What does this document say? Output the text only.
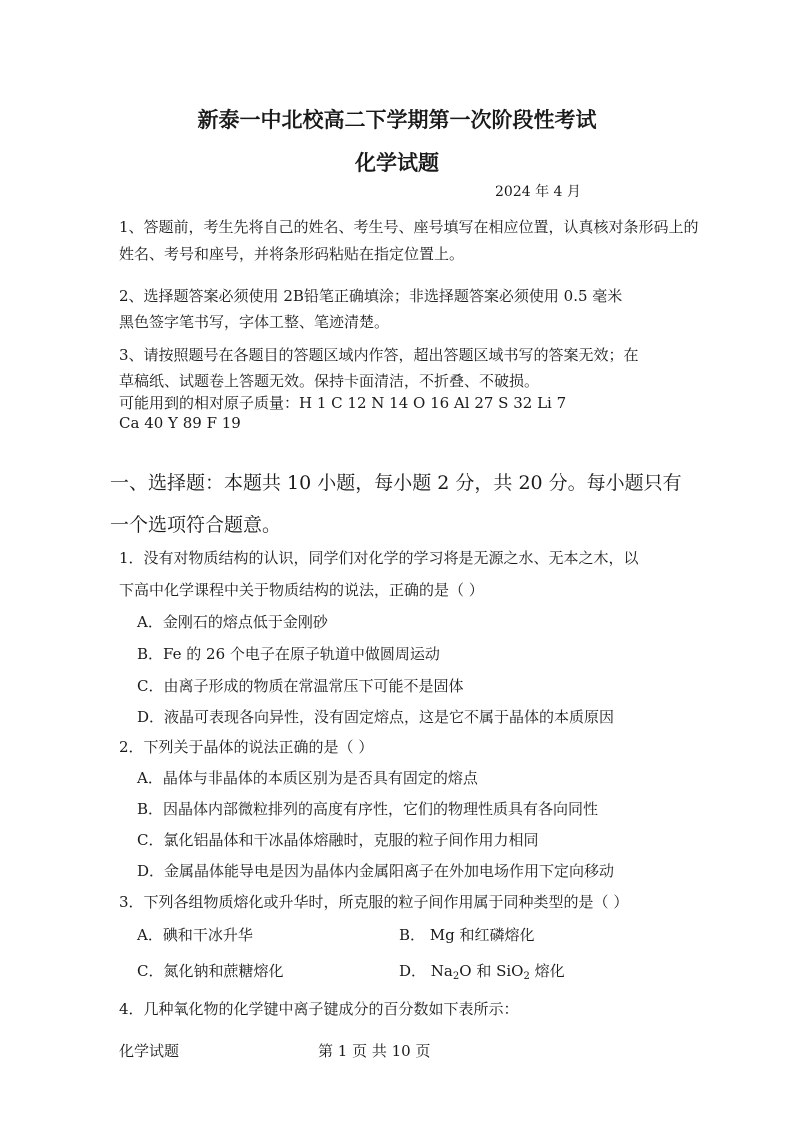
新泰一中北校高二下学期第一次阶段性考试
化学试题
2024 年 4 月
1、答题前，考生先将自己的姓名、考生号、座号填写在相应位置，认真核对条形码上的
姓名、考号和座号，并将条形码粘贴在指定位置上。
2、选择题答案必须使用 2B铅笔正确填涂；非选择题答案必须使用 0.5 毫米
黑色签字笔书写，字体工整、笔迹清楚。
3、请按照题号在各题目的答题区域内作答，超出答题区域书写的答案无效；在
草稿纸、试题卷上答题无效。保持卡面清洁，不折叠、不破损。
可能用到的相对原子质量：H 1 C 12 N 14 O 16 Al 27 S 32 Li 7
Ca 40 Y 89 F 19
一、选择题：本题共 10 小题，每小题 2 分，共 20 分。每小题只有
一个选项符合题意。
1．没有对物质结构的认识，同学们对化学的学习将是无源之水、无本之木，以
下高中化学课程中关于物质结构的说法，正确的是（ ）
A．金刚石的熔点低于金刚砂
B．Fe 的 26 个电子在原子轨道中做圆周运动
C．由离子形成的物质在常温常压下可能不是固体
D．液晶可表现各向异性，没有固定熔点，这是它不属于晶体的本质原因
2．下列关于晶体的说法正确的是（ ）
A．晶体与非晶体的本质区别为是否具有固定的熔点
B．因晶体内部微粒排列的高度有序性，它们的物理性质具有各向同性
C．氯化铝晶体和干冰晶体熔融时，克服的粒子间作用力相同
D．金属晶体能导电是因为晶体内金属阳离子在外加电场作用下定向移动
3．下列各组物质熔化或升华时，所克服的粒子间作用属于同种类型的是（ ）
A．碘和干冰升华	B． Mg 和红磷熔化
C．氮化钠和蔗糖熔化	D． $Na_2O$ 和 SiO$_2$ 熔化
4．几种氧化物的化学键中离子键成分的百分数如下表所示：
化学试题	第 1 页 共 10 页
